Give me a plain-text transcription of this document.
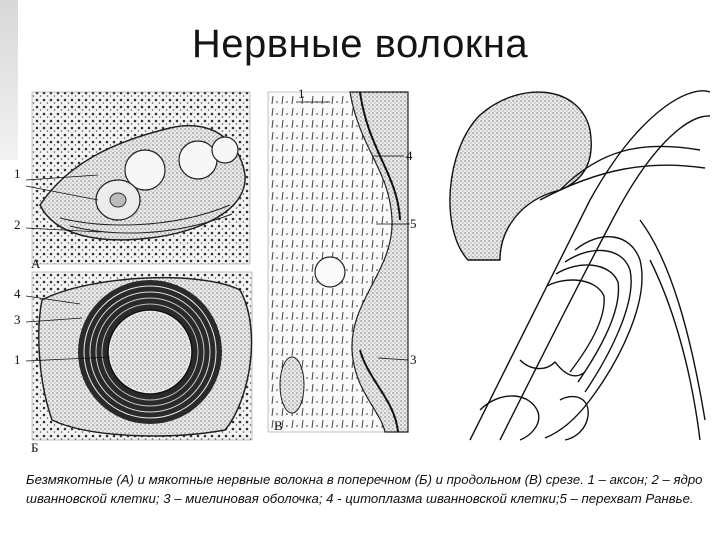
Нервные волокна
1
2
А
4
3
1
Б
1
4
5
3
В
Безмякотные (А) и мякотные нервные волокна в поперечном (Б) и продольном (В) срезе. 1 – аксон; 2 – ядро шванновской клетки; 3 – миелиновая оболочка; 4 - цитоплазма шванновской клетки;5 – перехват Ранвье.
